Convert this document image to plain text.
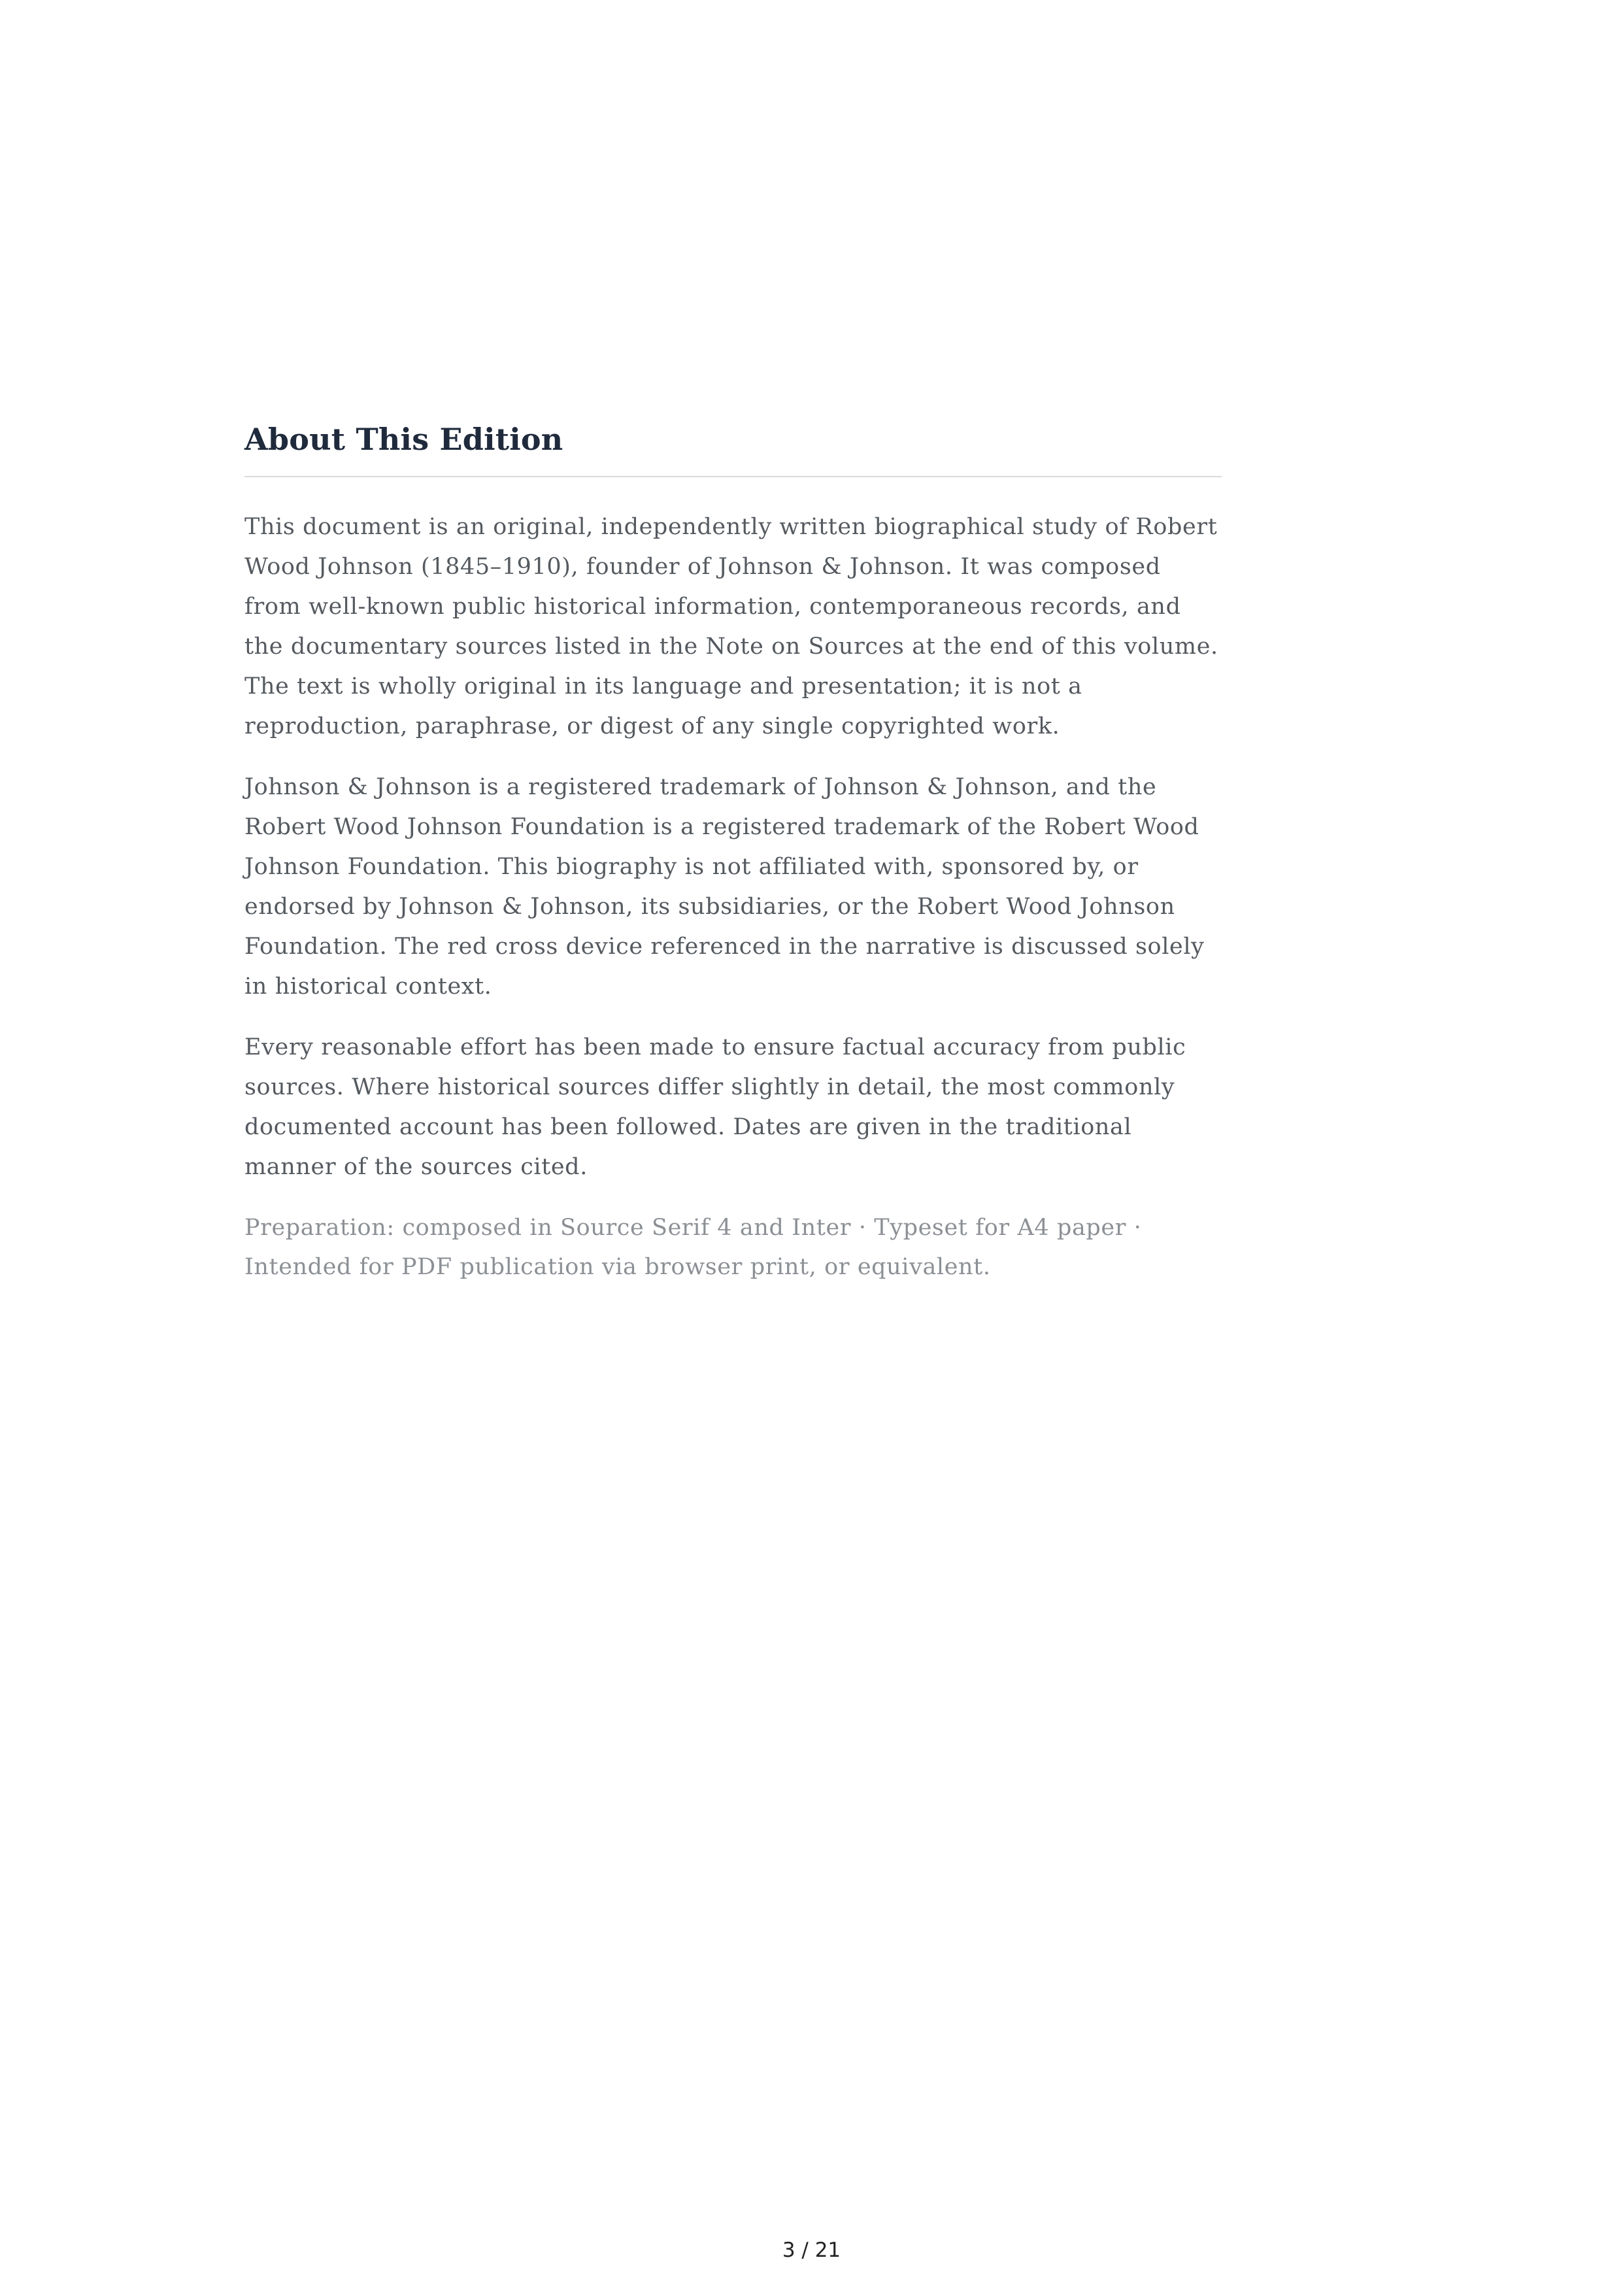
About This Edition

This document is an original, independently written biographical study of Robert Wood Johnson (1845–1910), founder of Johnson & Johnson. It was composed from well-known public historical information, contemporaneous records, and the documentary sources listed in the Note on Sources at the end of this volume. The text is wholly original in its language and presentation; it is not a reproduction, paraphrase, or digest of any single copyrighted work.

Johnson & Johnson is a registered trademark of Johnson & Johnson, and the Robert Wood Johnson Foundation is a registered trademark of the Robert Wood Johnson Foundation. This biography is not affiliated with, sponsored by, or endorsed by Johnson & Johnson, its subsidiaries, or the Robert Wood Johnson Foundation. The red cross device referenced in the narrative is discussed solely in historical context.

Every reasonable effort has been made to ensure factual accuracy from public sources. Where historical sources differ slightly in detail, the most commonly documented account has been followed. Dates are given in the traditional manner of the sources cited.

Preparation: composed in Source Serif 4 and Inter · Typeset for A4 paper · Intended for PDF publication via browser print, or equivalent.

3 / 21
